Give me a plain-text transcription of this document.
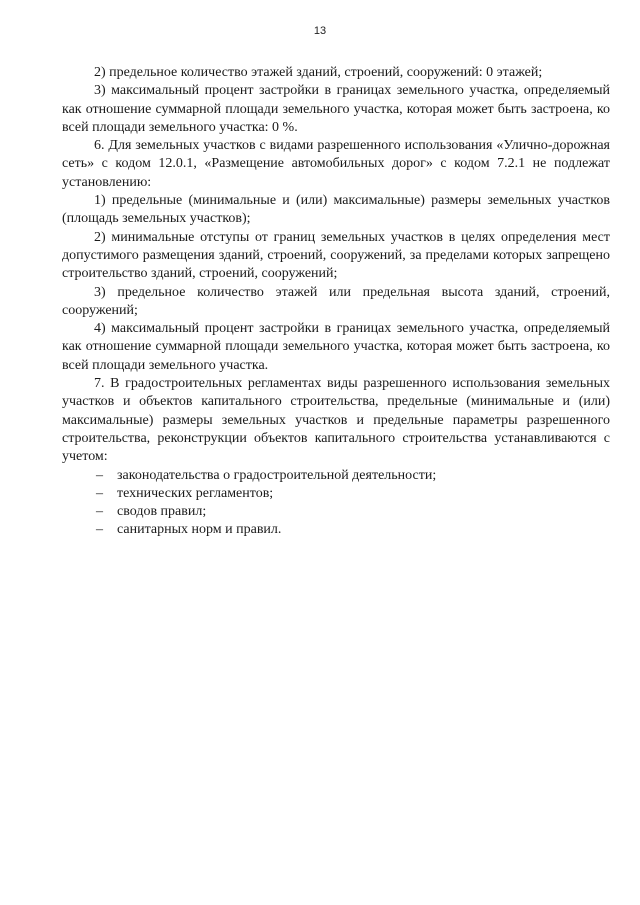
13

2) предельное количество этажей зданий, строений, сооружений: 0 этажей;

3) максимальный процент застройки в границах земельного участка, определяемый как отношение суммарной площади земельного участка, которая может быть застроена, ко всей площади земельного участка: 0 %.

6. Для земельных участков с видами разрешенного использования «Улично-дорожная сеть» с кодом 12.0.1, «Размещение автомобильных дорог» с кодом 7.2.1 не подлежат установлению:

1) предельные (минимальные и (или) максимальные) размеры земельных участков (площадь земельных участков);

2) минимальные отступы от границ земельных участков в целях определения мест допустимого размещения зданий, строений, сооружений, за пределами которых запрещено строительство зданий, строений, сооружений;

3) предельное количество этажей или предельная высота зданий, строений, сооружений;

4) максимальный процент застройки в границах земельного участка, определяемый как отношение суммарной площади земельного участка, которая может быть застроена, ко всей площади земельного участка.

7. В градостроительных регламентах виды разрешенного использования земельных участков и объектов капитального строительства, предельные (минимальные и (или) максимальные) размеры земельных участков и предельные параметры разрешенного строительства, реконструкции объектов капитального строительства устанавливаются с учетом:

– законодательства о градостроительной деятельности;
– технических регламентов;
– сводов правил;
– санитарных норм и правил.
